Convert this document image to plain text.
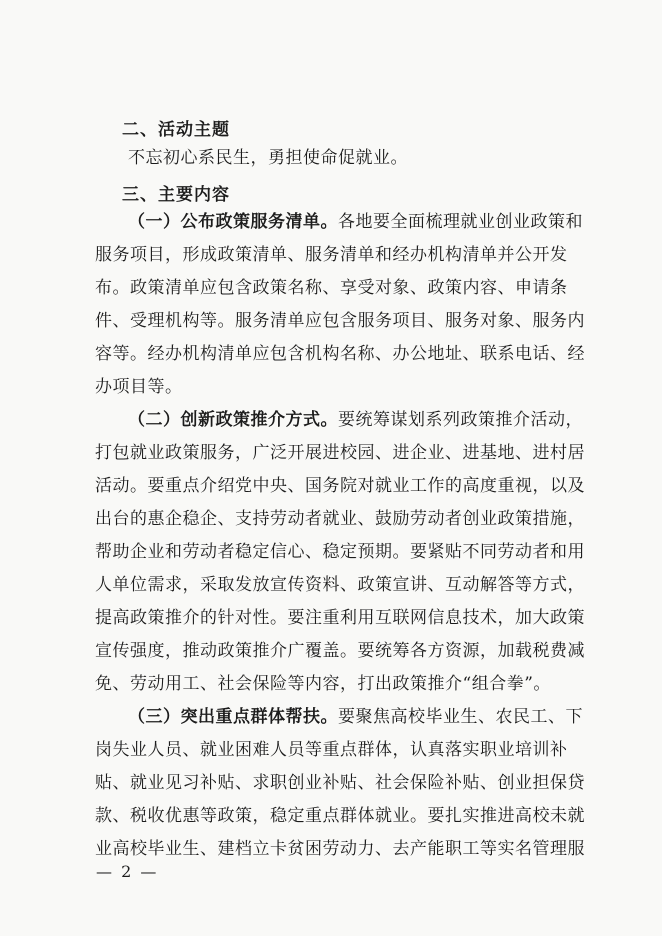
二、活动主题
不忘初心系民生，勇担使命促就业。
三、主要内容
（一）公布政策服务清单。各地要全面梳理就业创业政策和
服务项目，形成政策清单、服务清单和经办机构清单并公开发
布。政策清单应包含政策名称、享受对象、政策内容、申请条
件、受理机构等。服务清单应包含服务项目、服务对象、服务内
容等。经办机构清单应包含机构名称、办公地址、联系电话、经
办项目等。
（二）创新政策推介方式。要统筹谋划系列政策推介活动，
打包就业政策服务，广泛开展进校园、进企业、进基地、进村居
活动。要重点介绍党中央、国务院对就业工作的高度重视，以及
出台的惠企稳企、支持劳动者就业、鼓励劳动者创业政策措施，
帮助企业和劳动者稳定信心、稳定预期。要紧贴不同劳动者和用
人单位需求，采取发放宣传资料、政策宣讲、互动解答等方式，
提高政策推介的针对性。要注重利用互联网信息技术，加大政策
宣传强度，推动政策推介广覆盖。要统筹各方资源，加载税费减
免、劳动用工、社会保险等内容，打出政策推介“组合拳”。
（三）突出重点群体帮扶。要聚焦高校毕业生、农民工、下
岗失业人员、就业困难人员等重点群体，认真落实职业培训补
贴、就业见习补贴、求职创业补贴、社会保险补贴、创业担保贷
款、税收优惠等政策，稳定重点群体就业。要扎实推进高校未就
业高校毕业生、建档立卡贫困劳动力、去产能职工等实名管理服
— 2 —
